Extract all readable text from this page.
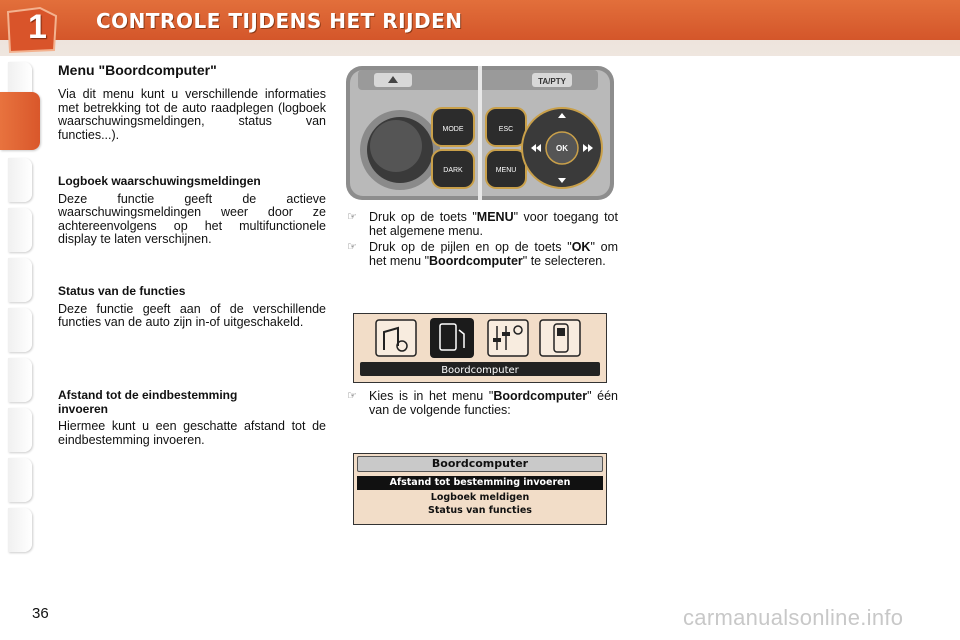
1 CONTROLE TIJDENS HET RIJDEN
Menu "Boordcomputer"

Via dit menu kunt u verschillende informaties met betrekking tot de auto raadplegen (logboek waarschuwingsmeldingen, status van functies...).

Logboek waarschuwingsmeldingen

Deze functie geeft de actieve waarschuwingsmeldingen weer door ze achtereenvolgens op het multifunctionele display te laten verschijnen.

Status van de functies

Deze functie geeft aan of de verschillende functies van de auto zijn in-of uitgeschakeld.

Afstand tot de eindbestemming invoeren

Hiermee kunt u een geschatte afstand tot de eindbestemming invoeren.

TA/PTY
MODE
DARK
ESC
MENU
OK
☞ Druk op de toets "MENU" voor toegang tot het algemene menu.
☞ Druk op de pijlen en op de toets "OK" om het menu "Boordcomputer" te selecteren.
Boordcomputer
☞ Kies is in het menu "Boordcomputer" één van de volgende functies:
Boordcomputer
Afstand tot bestemming invoeren
Logboek meldigen
Status van functies
36	carmanualsonline.info
